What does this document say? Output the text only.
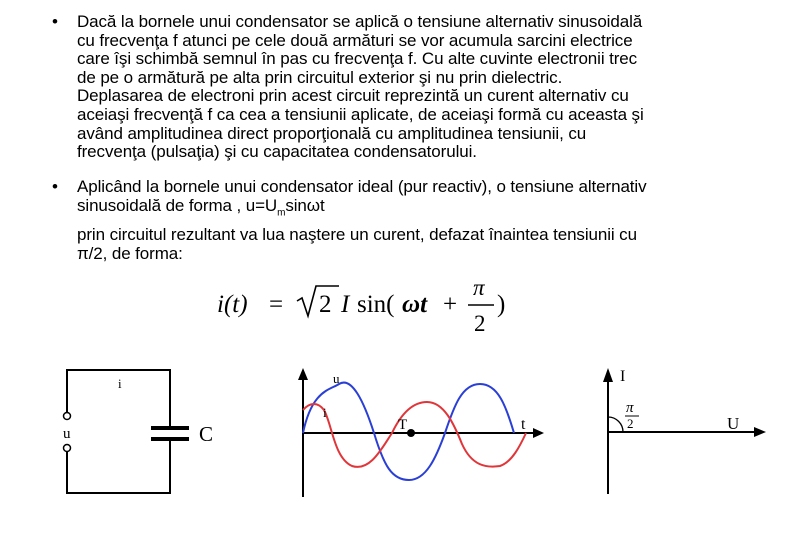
• Dacă la bornele unui condensator se aplică o tensiune alternativ sinusoidală
cu frecvenţa f atunci pe cele două armături se vor acumula sarcini electrice
care îşi schimbă semnul în pas cu frecvenţa f. Cu alte cuvinte electronii trec
de pe o armătură pe alta prin circuitul exterior şi nu prin dielectric.
Deplasarea de electroni prin acest circuit reprezintă un curent alternativ cu
aceiaşi frecvenţă f ca cea a tensiunii aplicate, de aceiaşi formă cu aceasta şi
având amplitudinea direct proporţională cu amplitudinea tensiunii, cu
frecvenţa (pulsaţia) şi cu capacitatea condensatorului.
• Aplicând la bornele unui condensator ideal (pur reactiv), o tensiune alternativ
sinusoidală de forma , $u=U_m\sin\omega t$
prin circuitul rezultant va lua naştere un curent, defazat înaintea tensiunii cu
π/2, de forma:
i(t) = 2 I sin( ωt +
π
2
)
i
u	C
u
i
T	t
I
π
2	U
